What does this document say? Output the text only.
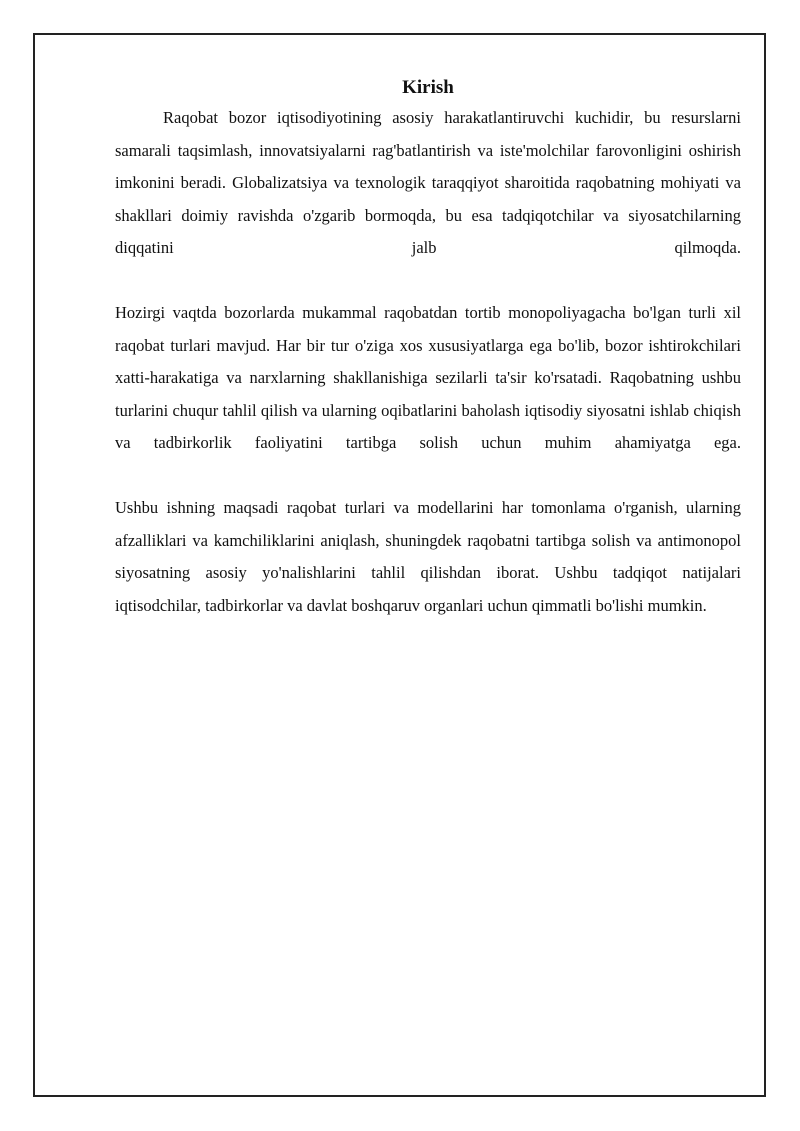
Kirish

Raqobat bozor iqtisodiyotining asosiy harakatlantiruvchi kuchidir, bu resurslarni samarali taqsimlash, innovatsiyalarni rag'batlantirish va iste'molchilar farovonligini oshirish imkonini beradi. Globalizatsiya va texnologik taraqqiyot sharoitida raqobatning mohiyati va shakllari doimiy ravishda o'zgarib bormoqda, bu esa tadqiqotchilar va siyosatchilarning diqqatini jalb qilmoqda.

Hozirgi vaqtda bozorlarda mukammal raqobatdan tortib monopoliyagacha bo'lgan turli xil raqobat turlari mavjud. Har bir tur o'ziga xos xususiyatlarga ega bo'lib, bozor ishtirokchilari xatti-harakatiga va narxlarning shakllanishiga sezilarli ta'sir ko'rsatadi. Raqobatning ushbu turlarini chuqur tahlil qilish va ularning oqibatlarini baholash iqtisodiy siyosatni ishlab chiqish va tadbirkorlik faoliyatini tartibga solish uchun muhim ahamiyatga ega.

Ushbu ishning maqsadi raqobat turlari va modellarini har tomonlama o'rganish, ularning afzalliklari va kamchiliklarini aniqlash, shuningdek raqobatni tartibga solish va antimonopol siyosatning asosiy yo'nalishlarini tahlil qilishdan iborat. Ushbu tadqiqot natijalari iqtisodchilar, tadbirkorlar va davlat boshqaruv organlari uchun qimmatli bo'lishi mumkin.
